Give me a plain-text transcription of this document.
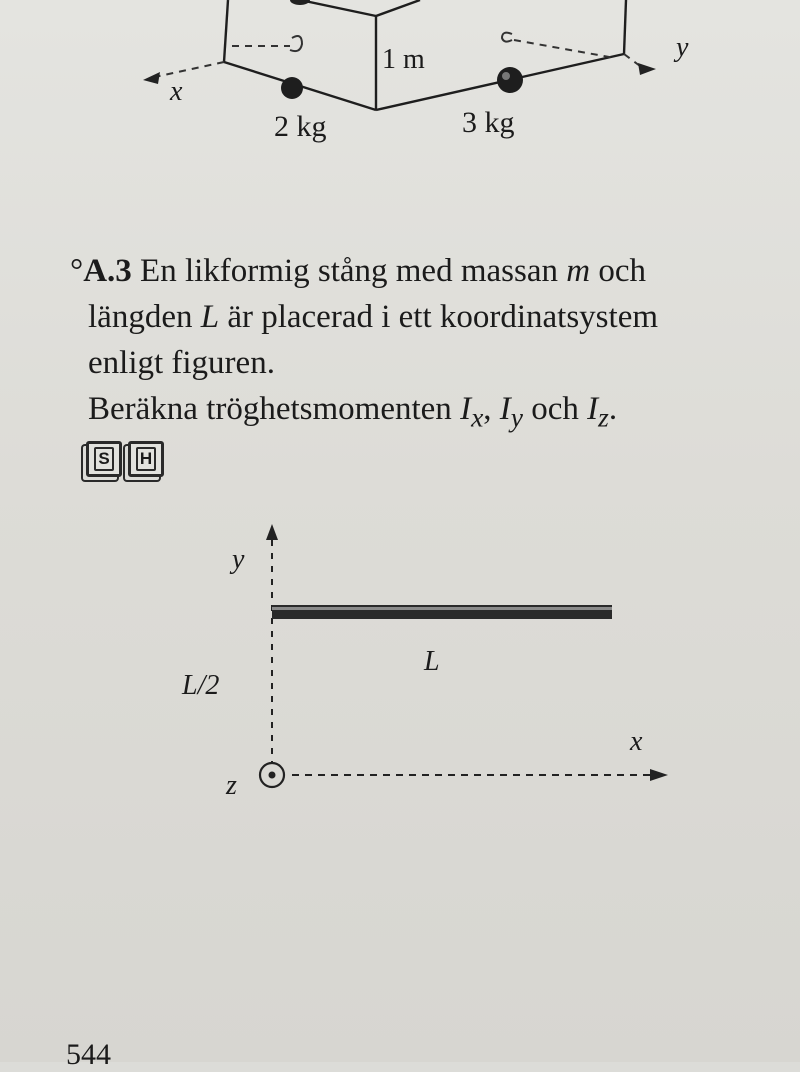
x
y
1 m
2 kg	3 kg
°A.3 En likformig stång med massan m och
längden L är placerad i ett koordinatsystem
enligt figuren.
Beräkna tröghetsmomenten $I_x$, $I_y$ och $I_z$.
S H
y
x
z
L
L/2
544
